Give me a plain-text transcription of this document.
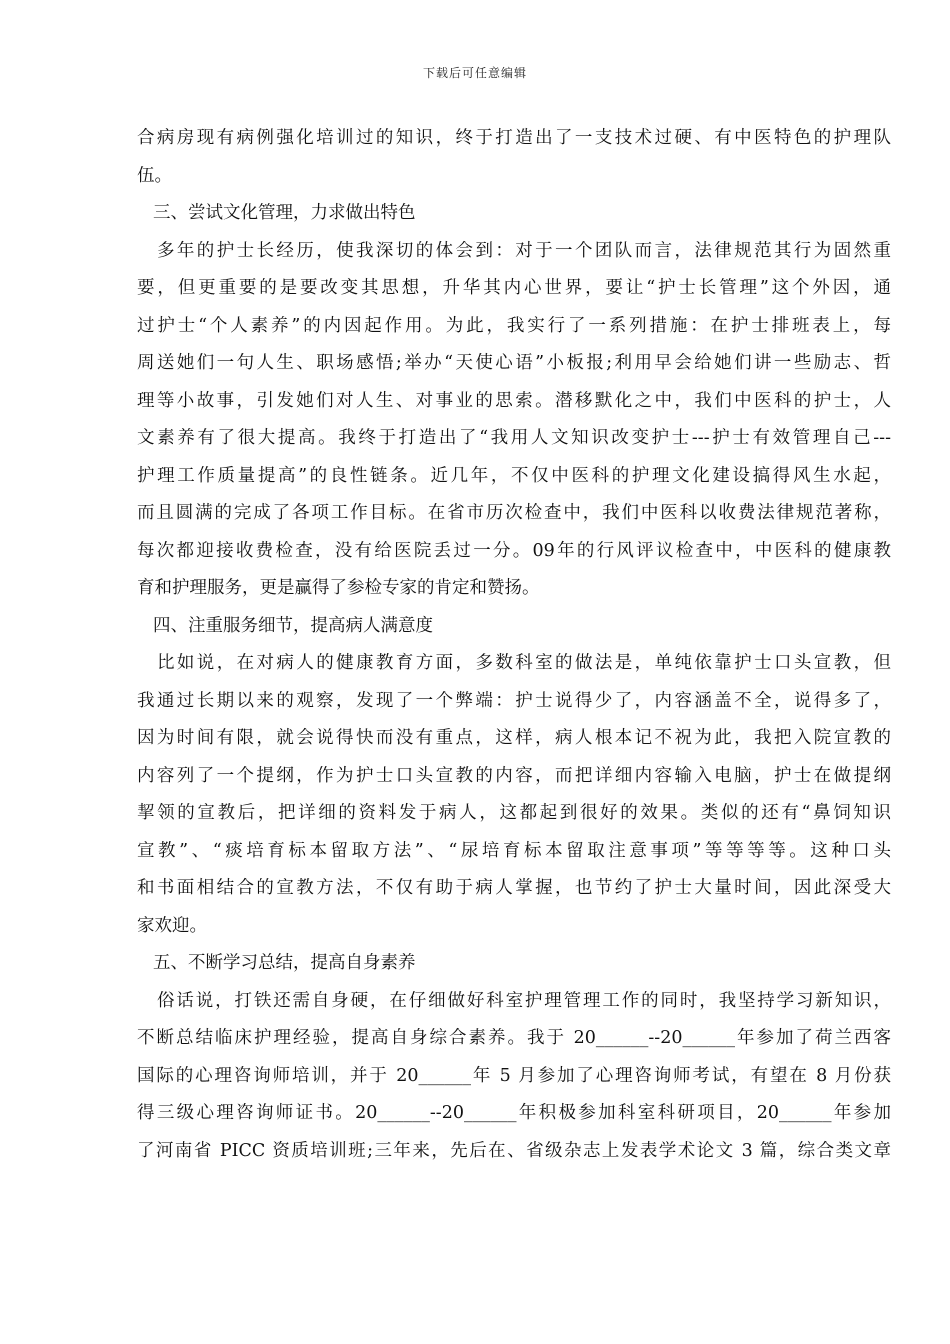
下载后可任意编辑
合病房现有病例强化培训过的知识，终于打造出了一支技术过硬、有中医特色的护理队
伍。
三、尝试文化管理，力求做出特色
多年的护士长经历，使我深切的体会到：对于一个团队而言，法律规范其行为固然重
要，但更重要的是要改变其思想，升华其内心世界，要让“护士长管理”这个外因，通
过护士“个人素养”的内因起作用。为此，我实行了一系列措施：在护士排班表上，每
周送她们一句人生、职场感悟;举办“天使心语”小板报;利用早会给她们讲一些励志、哲
理等小故事，引发她们对人生、对事业的思索。潜移默化之中，我们中医科的护士，人
文素养有了很大提高。我终于打造出了“我用人文知识改变护士---护士有效管理自己---
护理工作质量提高”的良性链条。近几年，不仅中医科的护理文化建设搞得风生水起，
而且圆满的完成了各项工作目标。在省市历次检查中，我们中医科以收费法律规范著称，
每次都迎接收费检查，没有给医院丢过一分。09年的行风评议检查中，中医科的健康教
育和护理服务，更是赢得了参检专家的肯定和赞扬。
四、注重服务细节，提高病人满意度
比如说，在对病人的健康教育方面，多数科室的做法是，单纯依靠护士口头宣教，但
我通过长期以来的观察，发现了一个弊端：护士说得少了，内容涵盖不全，说得多了，
因为时间有限，就会说得快而没有重点，这样，病人根本记不祝为此，我把入院宣教的
内容列了一个提纲，作为护士口头宣教的内容，而把详细内容输入电脑，护士在做提纲
挈领的宣教后，把详细的资料发于病人，这都起到很好的效果。类似的还有“鼻饲知识
宣教”、“痰培育标本留取方法”、“尿培育标本留取注意事项”等等等等。这种口头
和书面相结合的宣教方法，不仅有助于病人掌握，也节约了护士大量时间，因此深受大
家欢迎。
五、不断学习总结，提高自身素养
俗话说，打铁还需自身硬，在仔细做好科室护理管理工作的同时，我坚持学习新知识，
不断总结临床护理经验，提高自身综合素养。我于 20______--20______年参加了荷兰西客
国际的心理咨询师培训，并于 20______年 5 月参加了心理咨询师考试，有望在 8 月份获
得三级心理咨询师证书。20______--20______年积极参加科室科研项目，20______年参加
了河南省 PICC 资质培训班;三年来，先后在、省级杂志上发表学术论文 3 篇，综合类文章
